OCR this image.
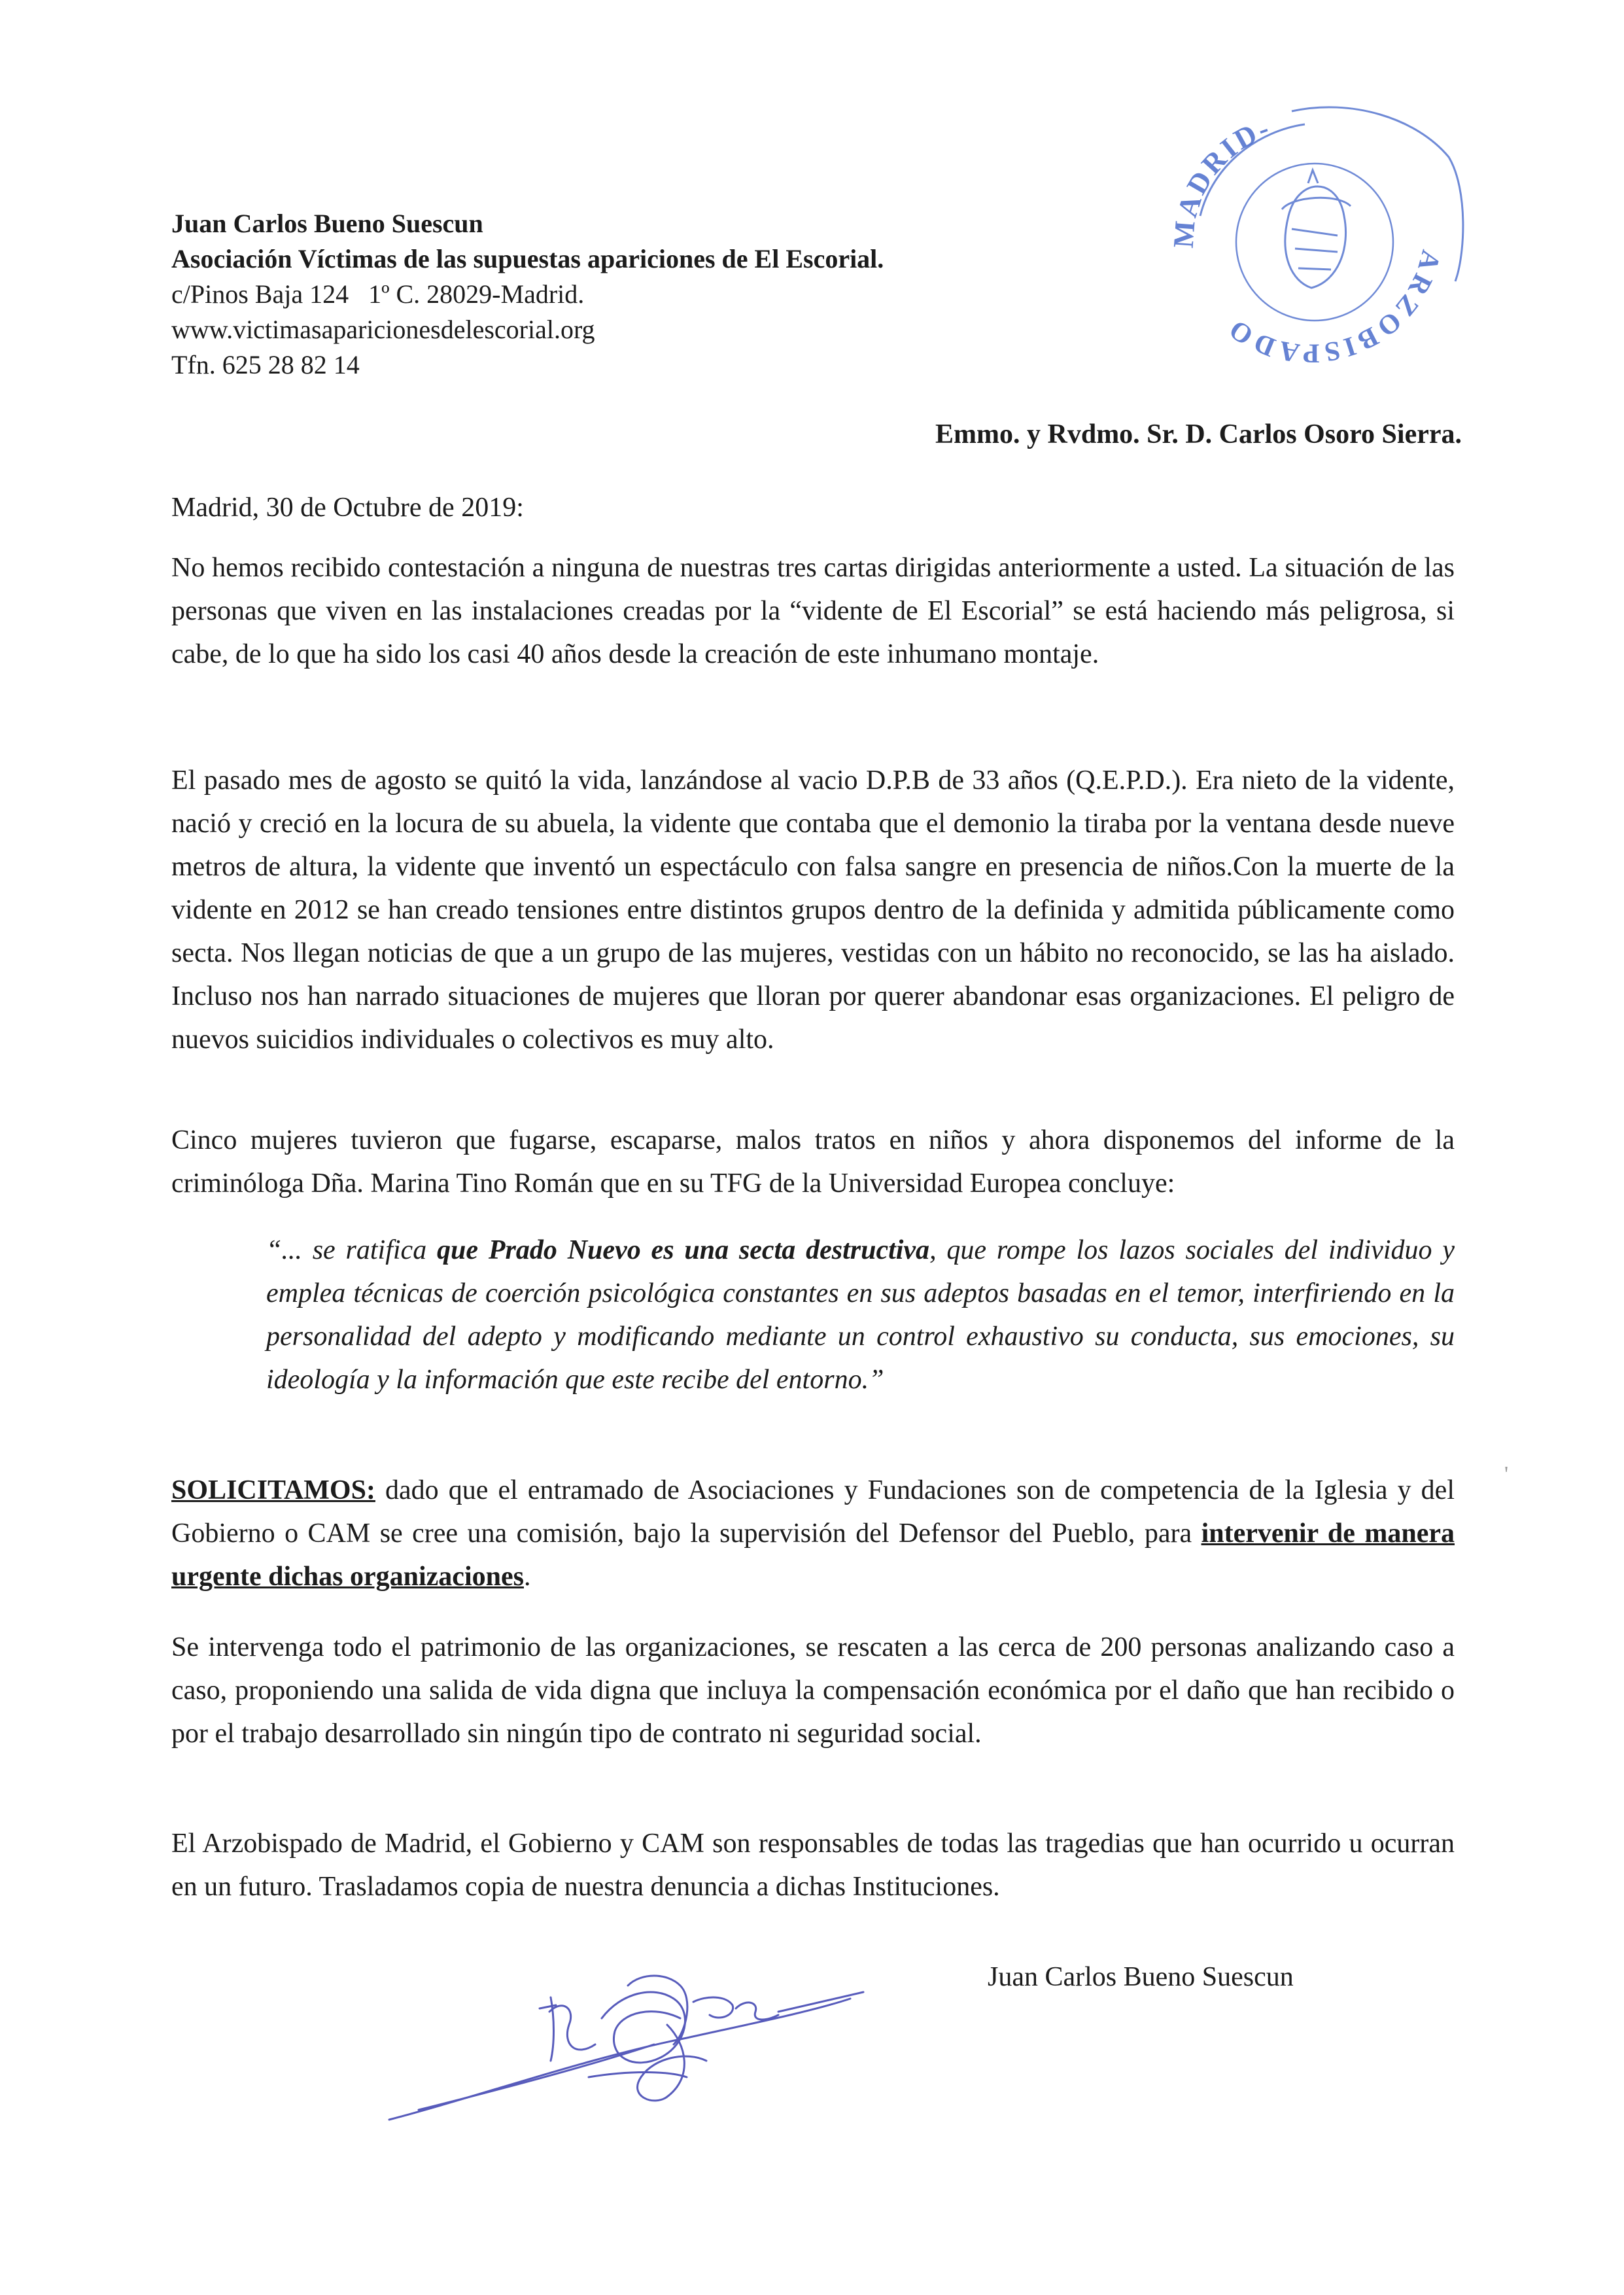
MADRID-
ARZOBISPADO
Juan Carlos Bueno Suescun
Asociación Víctimas de las supuestas apariciones de El Escorial.
c/Pinos Baja 124   1º C. 28029-Madrid.
www.victimasaparicionesdelescorial.org
Tfn. 625 28 82 14
Emmo. y Rvdmo. Sr. D. Carlos Osoro Sierra.
Madrid, 30 de Octubre de 2019:
No hemos recibido contestación a ninguna de nuestras tres cartas dirigidas anteriormente a usted. La situación de las personas que viven en las instalaciones creadas por la “vidente de El Escorial” se está haciendo más peligrosa, si cabe, de lo que ha sido los casi 40 años desde la creación de este inhumano montaje.
El pasado mes de agosto se quitó la vida, lanzándose al vacio D.P.B de 33 años (Q.E.P.D.). Era nieto de la vidente, nació y creció en la locura de su abuela, la vidente que contaba que el demonio la tiraba por la ventana desde nueve metros de altura, la vidente que inventó un espectáculo con falsa sangre en presencia de niños.Con la muerte de la vidente en 2012 se han creado tensiones entre distintos grupos dentro de la definida y admitida públicamente como secta. Nos llegan noticias de que a un grupo de las mujeres, vestidas con un hábito no reconocido, se las ha aislado. Incluso nos han narrado situaciones de mujeres que lloran por querer abandonar esas organizaciones. El peligro de nuevos suicidios individuales o colectivos es muy alto.
Cinco mujeres tuvieron que fugarse, escaparse, malos tratos en niños y ahora disponemos del informe de la criminóloga Dña. Marina Tino Román que en su TFG de la Universidad Europea concluye:
“... se ratifica que Prado Nuevo es una secta destructiva, que rompe los lazos sociales del individuo y emplea técnicas de coerción psicológica constantes en sus adeptos basadas en el temor, interfiriendo en la personalidad del adepto y modificando mediante un control exhaustivo su conducta, sus emociones, su ideología y la información que este recibe del entorno.”
SOLICITAMOS: dado que el entramado de Asociaciones y Fundaciones son de competencia de la Iglesia y del Gobierno o CAM se cree una comisión, bajo la supervisión del Defensor del Pueblo, para intervenir de manera urgente dichas organizaciones.
Se intervenga todo el patrimonio de las organizaciones, se rescaten a las cerca de 200 personas analizando caso a caso, proponiendo una salida de vida digna que incluya la compensación económica por el daño que han recibido o por el trabajo desarrollado sin ningún tipo de contrato ni seguridad social.
El Arzobispado de Madrid, el Gobierno y CAM son responsables de todas las tragedias que han ocurrido u ocurran en un futuro. Trasladamos copia de nuestra denuncia a dichas Instituciones.
'
Juan Carlos Bueno Suescun
